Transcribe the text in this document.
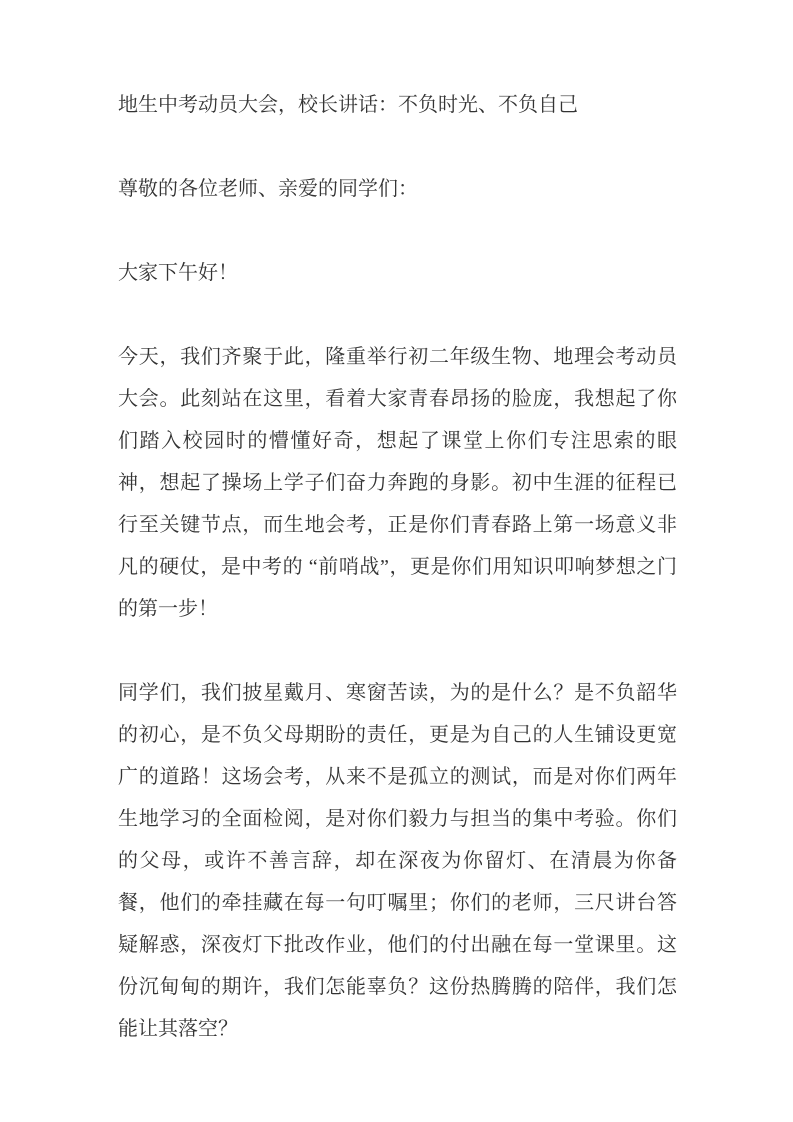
地生中考动员大会，校长讲话：不负时光、不负自己

尊敬的各位老师、亲爱的同学们：

大家下午好！

今天，我们齐聚于此，隆重举行初二年级生物、地理会考动员大会。此刻站在这里，看着大家青春昂扬的脸庞，我想起了你们踏入校园时的懵懂好奇，想起了课堂上你们专注思索的眼神，想起了操场上学子们奋力奔跑的身影。初中生涯的征程已行至关键节点，而生地会考，正是你们青春路上第一场意义非凡的硬仗，是中考的 “前哨战”，更是你们用知识叩响梦想之门的第一步！

同学们，我们披星戴月、寒窗苦读，为的是什么？是不负韶华的初心，是不负父母期盼的责任，更是为自己的人生铺设更宽广的道路！这场会考，从来不是孤立的测试，而是对你们两年生地学习的全面检阅，是对你们毅力与担当的集中考验。你们的父母，或许不善言辞，却在深夜为你留灯、在清晨为你备餐，他们的牵挂藏在每一句叮嘱里；你们的老师，三尺讲台答疑解惑，深夜灯下批改作业，他们的付出融在每一堂课里。这份沉甸甸的期许，我们怎能辜负？这份热腾腾的陪伴，我们怎能让其落空？
